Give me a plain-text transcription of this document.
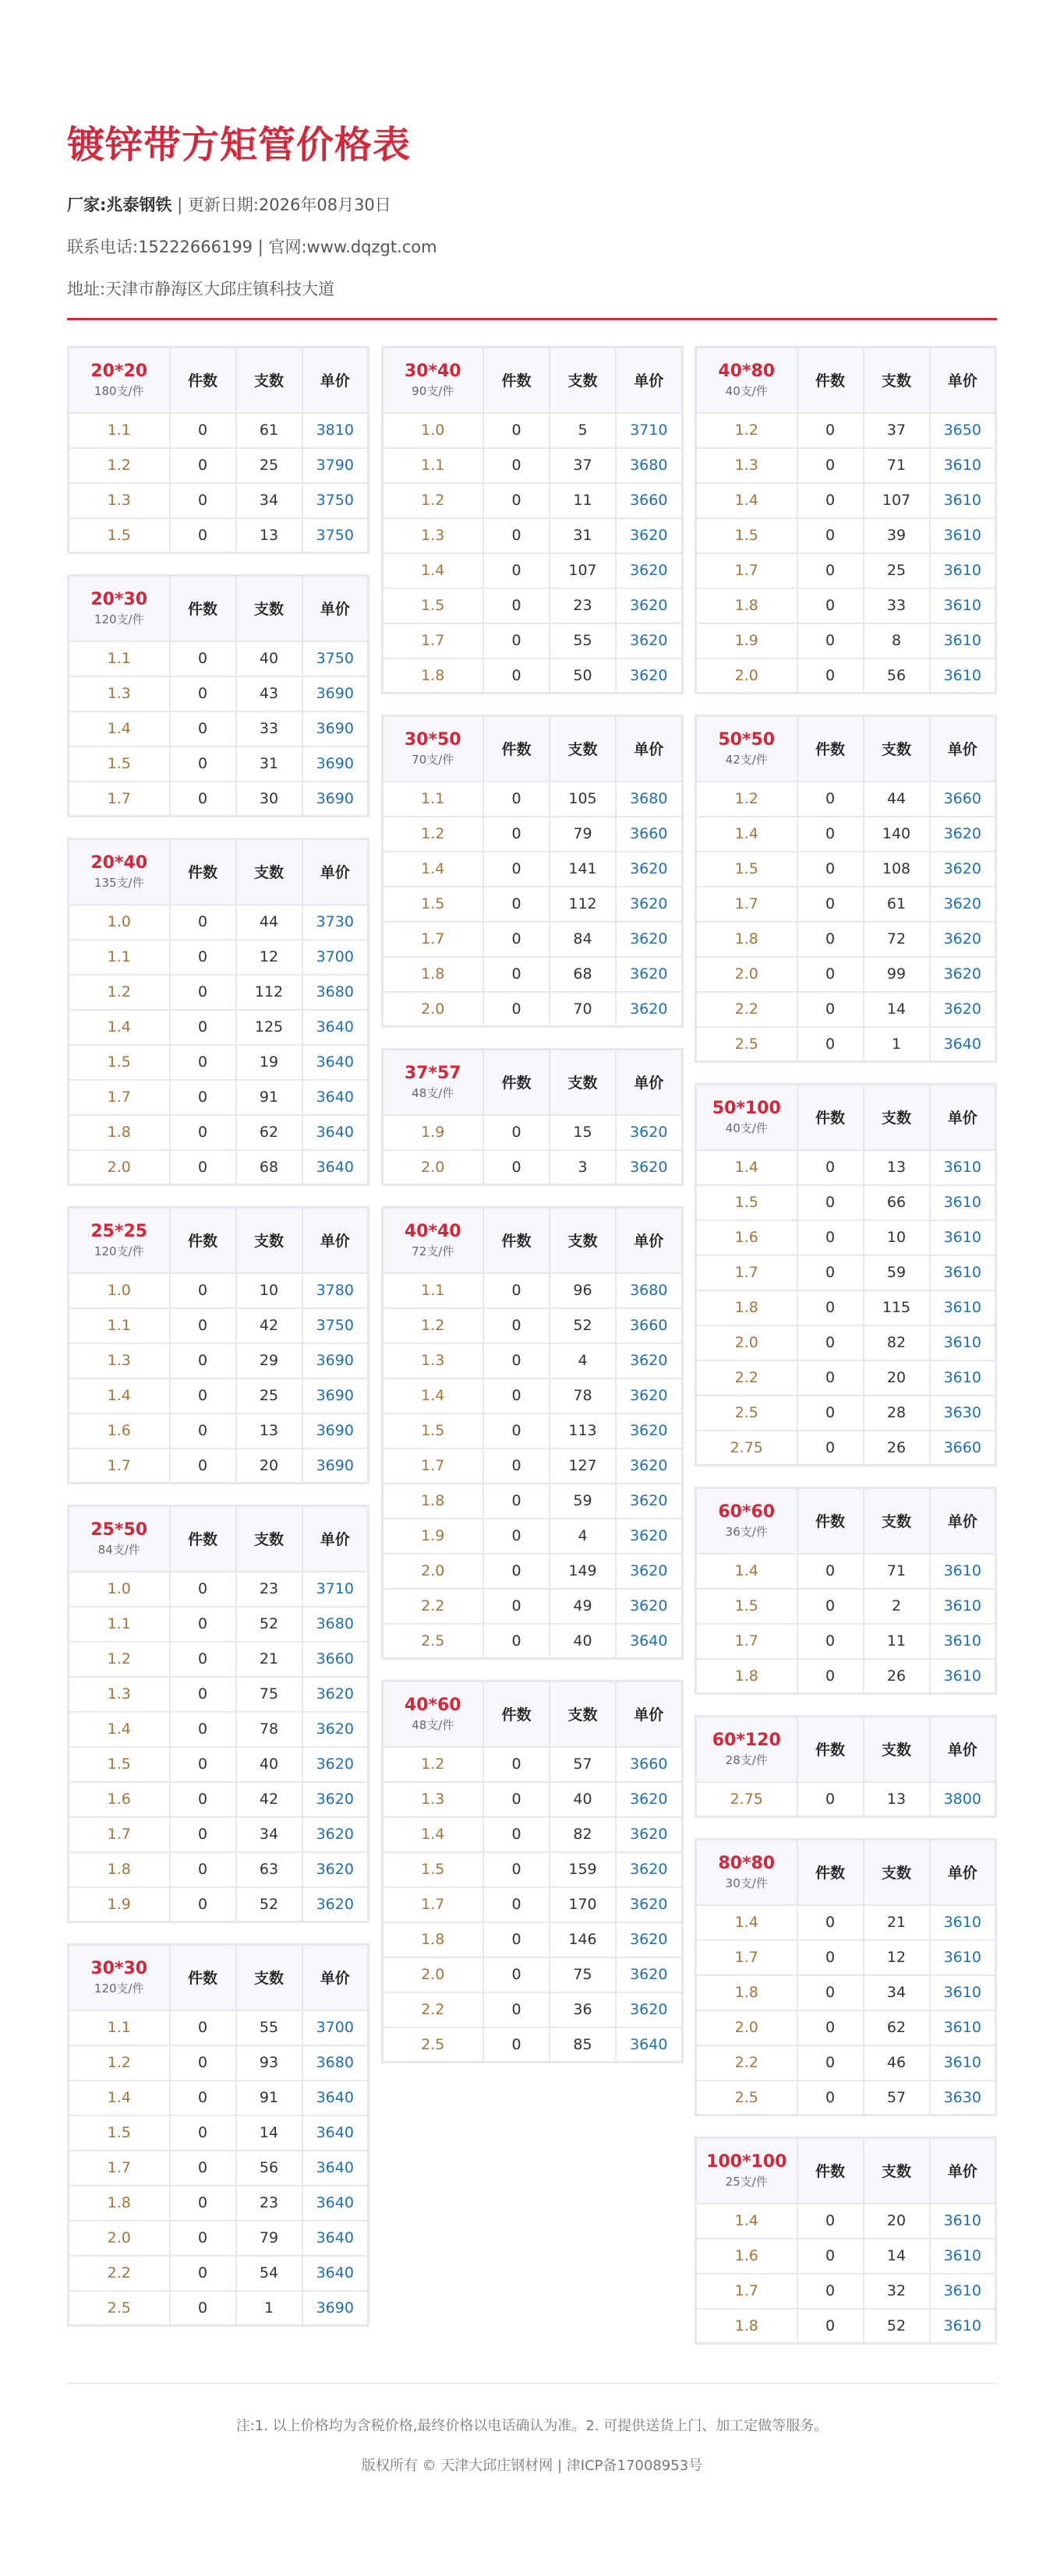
镀锌带方矩管价格表
厂家:兆泰钢铁 | 更新日期:2026年08月30日
联系电话:15222666199 | 官网:www.dqzgt.com
地址:天津市静海区大邱庄镇科技大道
20*20
180支/件	件数	支数	单价
1.1	0	61	3810
1.2	0	25	3790
1.3	0	34	3750
1.5	0	13	3750
20*30
120支/件	件数	支数	单价
1.1	0	40	3750
1.3	0	43	3690
1.4	0	33	3690
1.5	0	31	3690
1.7	0	30	3690
20*40
135支/件	件数	支数	单价
1.0	0	44	3730
1.1	0	12	3700
1.2	0	112	3680
1.4	0	125	3640
1.5	0	19	3640
1.7	0	91	3640
1.8	0	62	3640
2.0	0	68	3640
25*25
120支/件	件数	支数	单价
1.0	0	10	3780
1.1	0	42	3750
1.3	0	29	3690
1.4	0	25	3690
1.6	0	13	3690
1.7	0	20	3690
25*50
84支/件	件数	支数	单价
1.0	0	23	3710
1.1	0	52	3680
1.2	0	21	3660
1.3	0	75	3620
1.4	0	78	3620
1.5	0	40	3620
1.6	0	42	3620
1.7	0	34	3620
1.8	0	63	3620
1.9	0	52	3620
30*30
120支/件	件数	支数	单价
1.1	0	55	3700
1.2	0	93	3680
1.4	0	91	3640
1.5	0	14	3640
1.7	0	56	3640
1.8	0	23	3640
2.0	0	79	3640
2.2	0	54	3640
2.5	0	1	3690
30*40
90支/件	件数	支数	单价
1.0	0	5	3710
1.1	0	37	3680
1.2	0	11	3660
1.3	0	31	3620
1.4	0	107	3620
1.5	0	23	3620
1.7	0	55	3620
1.8	0	50	3620
30*50
70支/件	件数	支数	单价
1.1	0	105	3680
1.2	0	79	3660
1.4	0	141	3620
1.5	0	112	3620
1.7	0	84	3620
1.8	0	68	3620
2.0	0	70	3620
37*57
48支/件	件数	支数	单价
1.9	0	15	3620
2.0	0	3	3620
40*40
72支/件	件数	支数	单价
1.1	0	96	3680
1.2	0	52	3660
1.3	0	4	3620
1.4	0	78	3620
1.5	0	113	3620
1.7	0	127	3620
1.8	0	59	3620
1.9	0	4	3620
2.0	0	149	3620
2.2	0	49	3620
2.5	0	40	3640
40*60
48支/件	件数	支数	单价
1.2	0	57	3660
1.3	0	40	3620
1.4	0	82	3620
1.5	0	159	3620
1.7	0	170	3620
1.8	0	146	3620
2.0	0	75	3620
2.2	0	36	3620
2.5	0	85	3640
40*80
40支/件	件数	支数	单价
1.2	0	37	3650
1.3	0	71	3610
1.4	0	107	3610
1.5	0	39	3610
1.7	0	25	3610
1.8	0	33	3610
1.9	0	8	3610
2.0	0	56	3610
50*50
42支/件	件数	支数	单价
1.2	0	44	3660
1.4	0	140	3620
1.5	0	108	3620
1.7	0	61	3620
1.8	0	72	3620
2.0	0	99	3620
2.2	0	14	3620
2.5	0	1	3640
50*100
40支/件	件数	支数	单价
1.4	0	13	3610
1.5	0	66	3610
1.6	0	10	3610
1.7	0	59	3610
1.8	0	115	3610
2.0	0	82	3610
2.2	0	20	3610
2.5	0	28	3630
2.75	0	26	3660
60*60
36支/件	件数	支数	单价
1.4	0	71	3610
1.5	0	2	3610
1.7	0	11	3610
1.8	0	26	3610
60*120
28支/件	件数	支数	单价
2.75	0	13	3800
80*80
30支/件	件数	支数	单价
1.4	0	21	3610
1.7	0	12	3610
1.8	0	34	3610
2.0	0	62	3610
2.2	0	46	3610
2.5	0	57	3630
100*100
25支/件	件数	支数	单价
1.4	0	20	3610
1.6	0	14	3610
1.7	0	32	3610
1.8	0	52	3610
注:1. 以上价格均为含税价格,最终价格以电话确认为准。2. 可提供送货上门、加工定做等服务。
版权所有 © 天津大邱庄钢材网 | 津ICP备17008953号
